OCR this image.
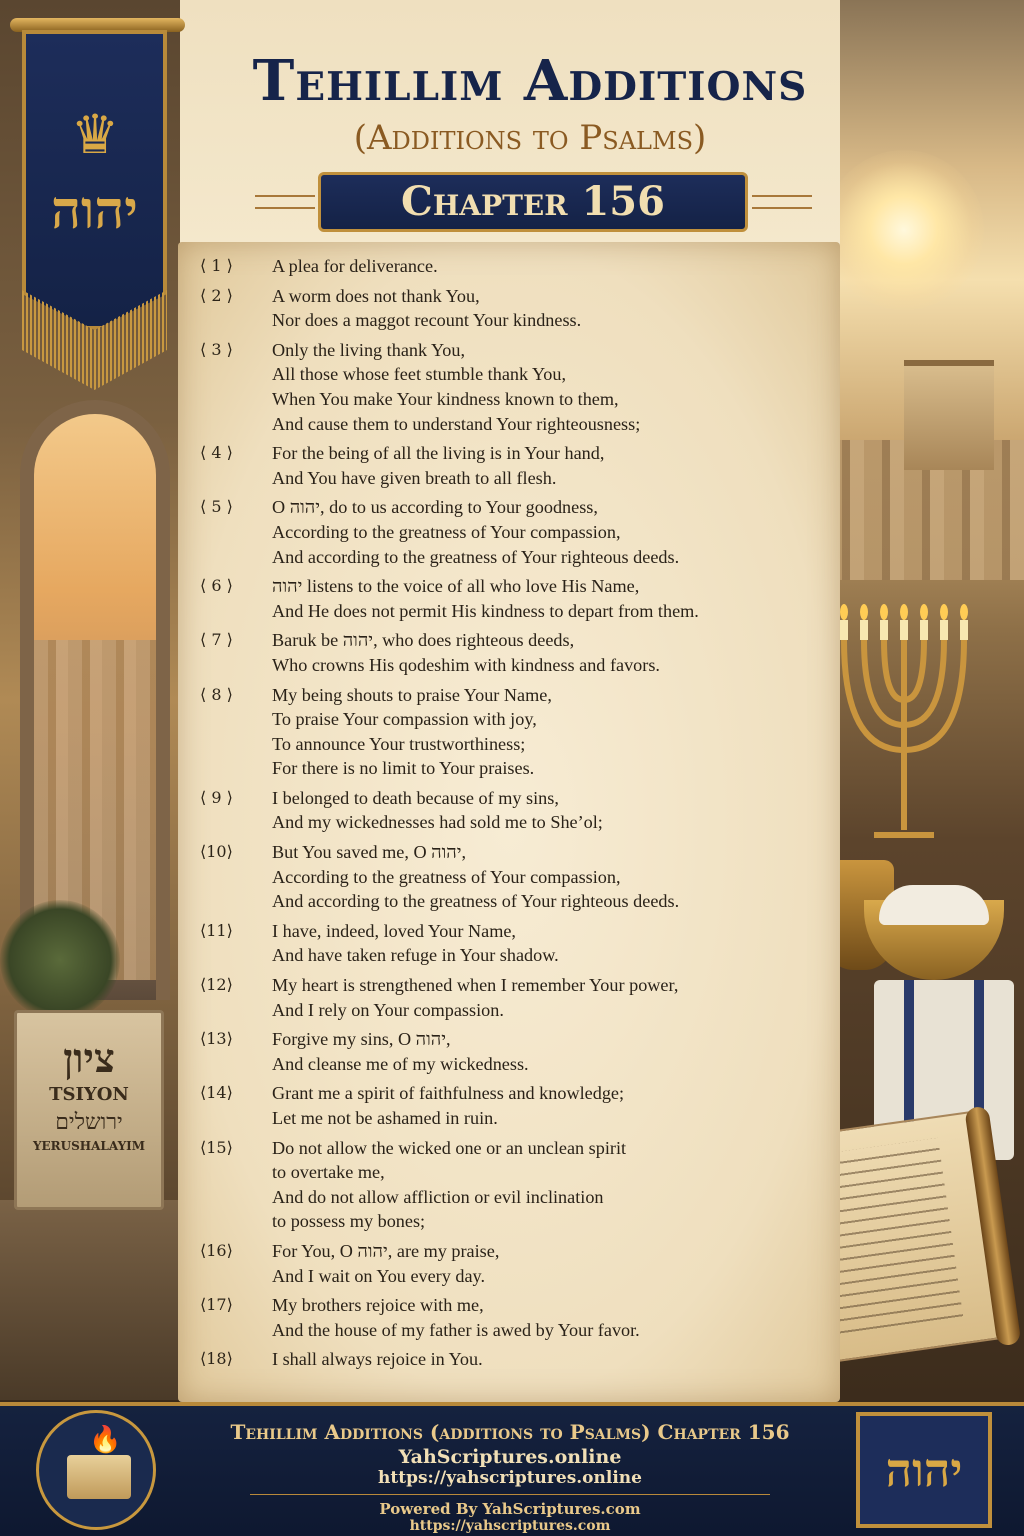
♛
יהוה
Tehillim Additions
(Additions to Psalms)
Chapter 156
⟨ 1 ⟩	A plea for deliverance.
⟨ 2 ⟩	A worm does not thank You,
Nor does a maggot recount Your kindness.
⟨ 3 ⟩	Only the living thank You,
All those whose feet stumble thank You,
When You make Your kindness known to them,
And cause them to understand Your righteousness;
⟨ 4 ⟩	For the being of all the living is in Your hand,
And You have given breath to all flesh.
⟨ 5 ⟩	O יהוה, do to us according to Your goodness,
According to the greatness of Your compassion,
And according to the greatness of Your righteous deeds.
⟨ 6 ⟩	יהוה listens to the voice of all who love His Name,
And He does not permit His kindness to depart from them.
⟨ 7 ⟩	Baruk be יהוה, who does righteous deeds,
Who crowns His qodeshim with kindness and favors.
⟨ 8 ⟩	My being shouts to praise Your Name,
To praise Your compassion with joy,
To announce Your trustworthiness;
For there is no limit to Your praises.
⟨ 9 ⟩	I belonged to death because of my sins,
And my wickednesses had sold me to She’ol;
⟨10⟩	But You saved me, O יהוה,
According to the greatness of Your compassion,
And according to the greatness of Your righteous deeds.
⟨11⟩	I have, indeed, loved Your Name,
And have taken refuge in Your shadow.
⟨12⟩	My heart is strengthened when I remember Your power,
And I rely on Your compassion.
⟨13⟩	Forgive my sins, O יהוה,
And cleanse me of my wickedness.
⟨14⟩	Grant me a spirit of faithfulness and knowledge;
Let me not be ashamed in ruin.
⟨15⟩	Do not allow the wicked one or an unclean spirit
to overtake me,
And do not allow affliction or evil inclination
to possess my bones;
⟨16⟩	For You, O יהוה, are my praise,
And I wait on You every day.
⟨17⟩	My brothers rejoice with me,
And the house of my father is awed by Your favor.
⟨18⟩	I shall always rejoice in You.
ציון
TSIYON
ירושלים
YERUSHALAYIM
🔥	Tehillim Additions (additions to Psalms) Chapter 156
YahScriptures.online
https://yahscriptures.online
Powered By YahScriptures.com
https://yahscriptures.com
יהוה
